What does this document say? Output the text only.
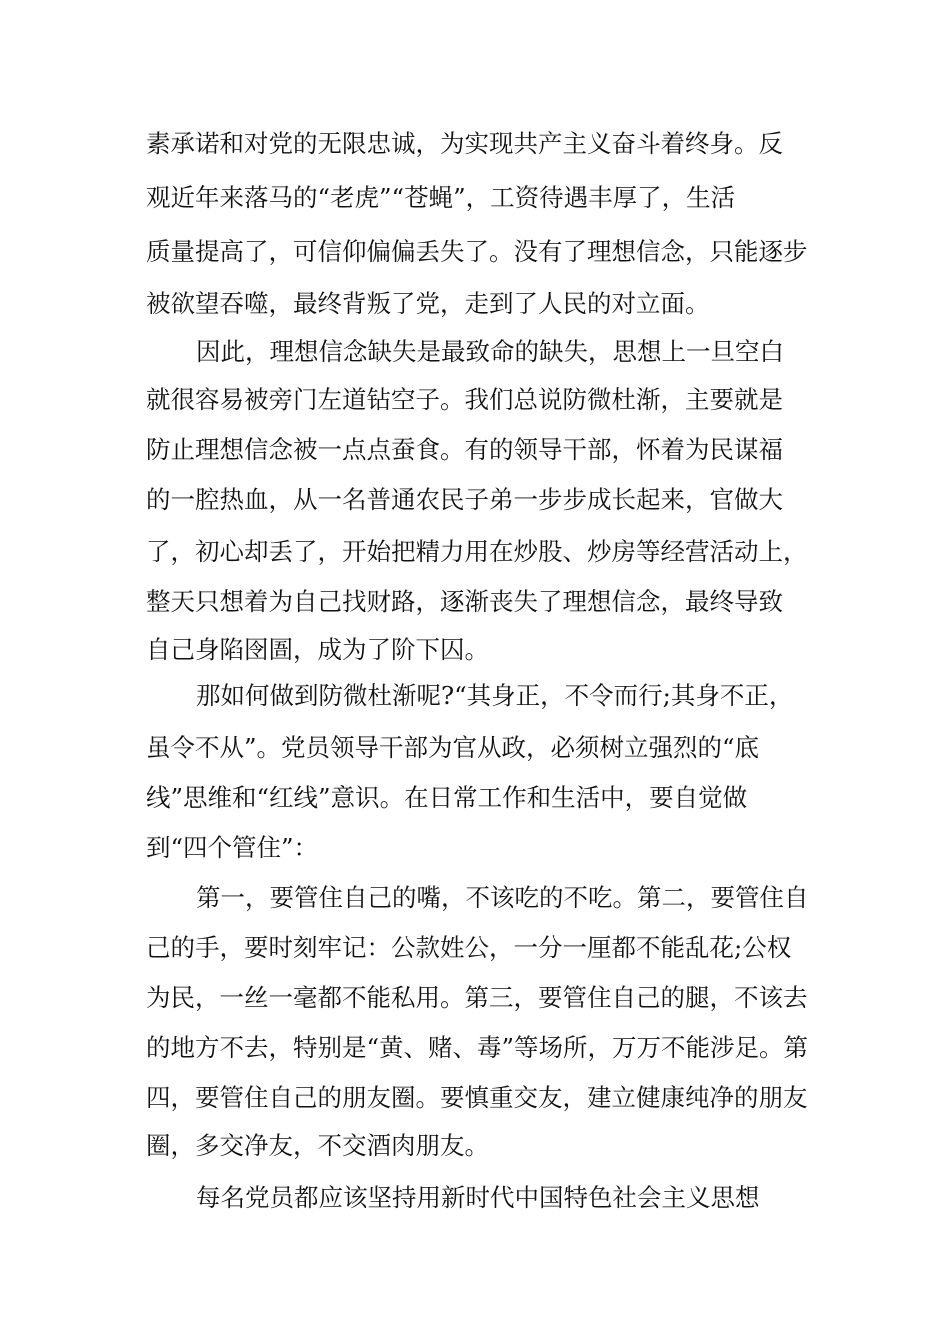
素承诺和对党的无限忠诚，为实现共产主义奋斗着终身。反

观近年来落马的“老虎”“苍蝇”，工资待遇丰厚了，生活

质量提高了，可信仰偏偏丢失了。没有了理想信念，只能逐步

被欲望吞噬，最终背叛了党，走到了人民的对立面。

因此，理想信念缺失是最致命的缺失，思想上一旦空白

就很容易被旁门左道钻空子。我们总说防微杜渐，主要就是

防止理想信念被一点点蚕食。有的领导干部，怀着为民谋福

的一腔热血，从一名普通农民子弟一步步成长起来，官做大

了，初心却丢了，开始把精力用在炒股、炒房等经营活动上，

整天只想着为自己找财路，逐渐丧失了理想信念，最终导致

自己身陷囹圄，成为了阶下囚。

那如何做到防微杜渐呢?“其身正，不令而行;其身不正，

虽令不从”。党员领导干部为官从政，必须树立强烈的“底

线”思维和“红线”意识。在日常工作和生活中，要自觉做

到“四个管住”：

第一，要管住自己的嘴，不该吃的不吃。第二，要管住自

己的手，要时刻牢记：公款姓公，一分一厘都不能乱花;公权

为民，一丝一毫都不能私用。第三，要管住自己的腿，不该去

的地方不去，特别是“黄、赌、毒”等场所，万万不能涉足。第

四，要管住自己的朋友圈。要慎重交友，建立健康纯净的朋友

圈，多交净友，不交酒肉朋友。

每名党员都应该坚持用新时代中国特色社会主义思想
